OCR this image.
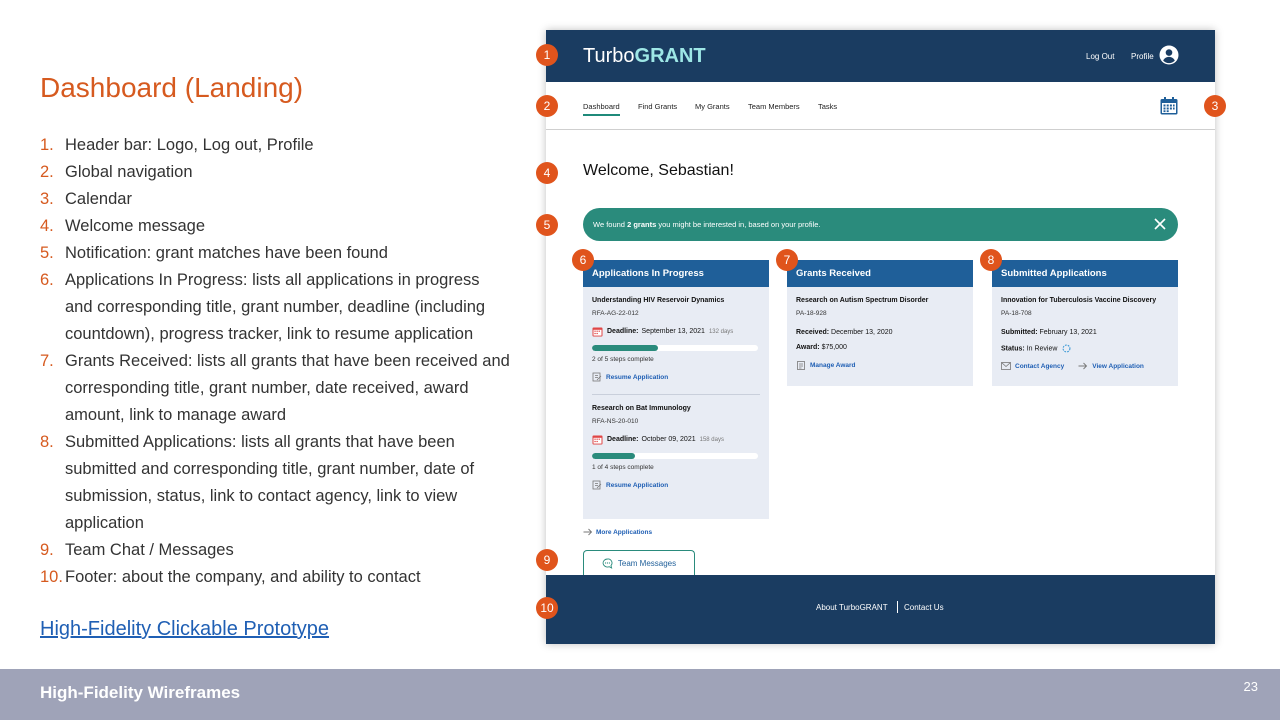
Dashboard (Landing)
1. Header bar: Logo, Log out, Profile
2. Global navigation
3. Calendar
4. Welcome message
5. Notification: grant matches have been found
6. Applications In Progress: lists all applications in progress and corresponding title, grant number, deadline (including countdown), progress tracker, link to resume application
7. Grants Received: lists all grants that have been received and corresponding title, grant number, date received, award amount, link to manage award
8. Submitted Applications: lists all grants that have been submitted and corresponding title, grant number, date of submission, status, link to contact agency, link to view application
9. Team Chat / Messages
10. Footer: about the company, and ability to contact
High-Fidelity Clickable Prototype
High-Fidelity Wireframes	23
TurboGRANT	Log Out Profile
Dashboard Find Grants My Grants Team Members Tasks
Welcome, Sebastian!
We found 2 grants you might be interested in, based on your profile.
Applications In Progress
Understanding HIV Reservoir Dynamics
RFA-AG-22-012
Deadline: September 13, 2021 132 days
2 of 5 steps complete
Resume Application
Research on Bat Immunology
RFA-NS-20-010
Deadline: October 09, 2021 158 days
1 of 4 steps complete
Resume Application
More Applications
Grants Received
Research on Autism Spectrum Disorder
PA-18-928
Received: December 13, 2020
Award: $75,000
Manage Award
Submitted Applications
Innovation for Tuberculosis Vaccine Discovery
PA-18-708
Submitted: February 13, 2021
Status: In Review
Contact Agency	View Application
Team Messages
About TurboGRANT Contact Us
1
2	3
4
5
6	7	8
9
10
